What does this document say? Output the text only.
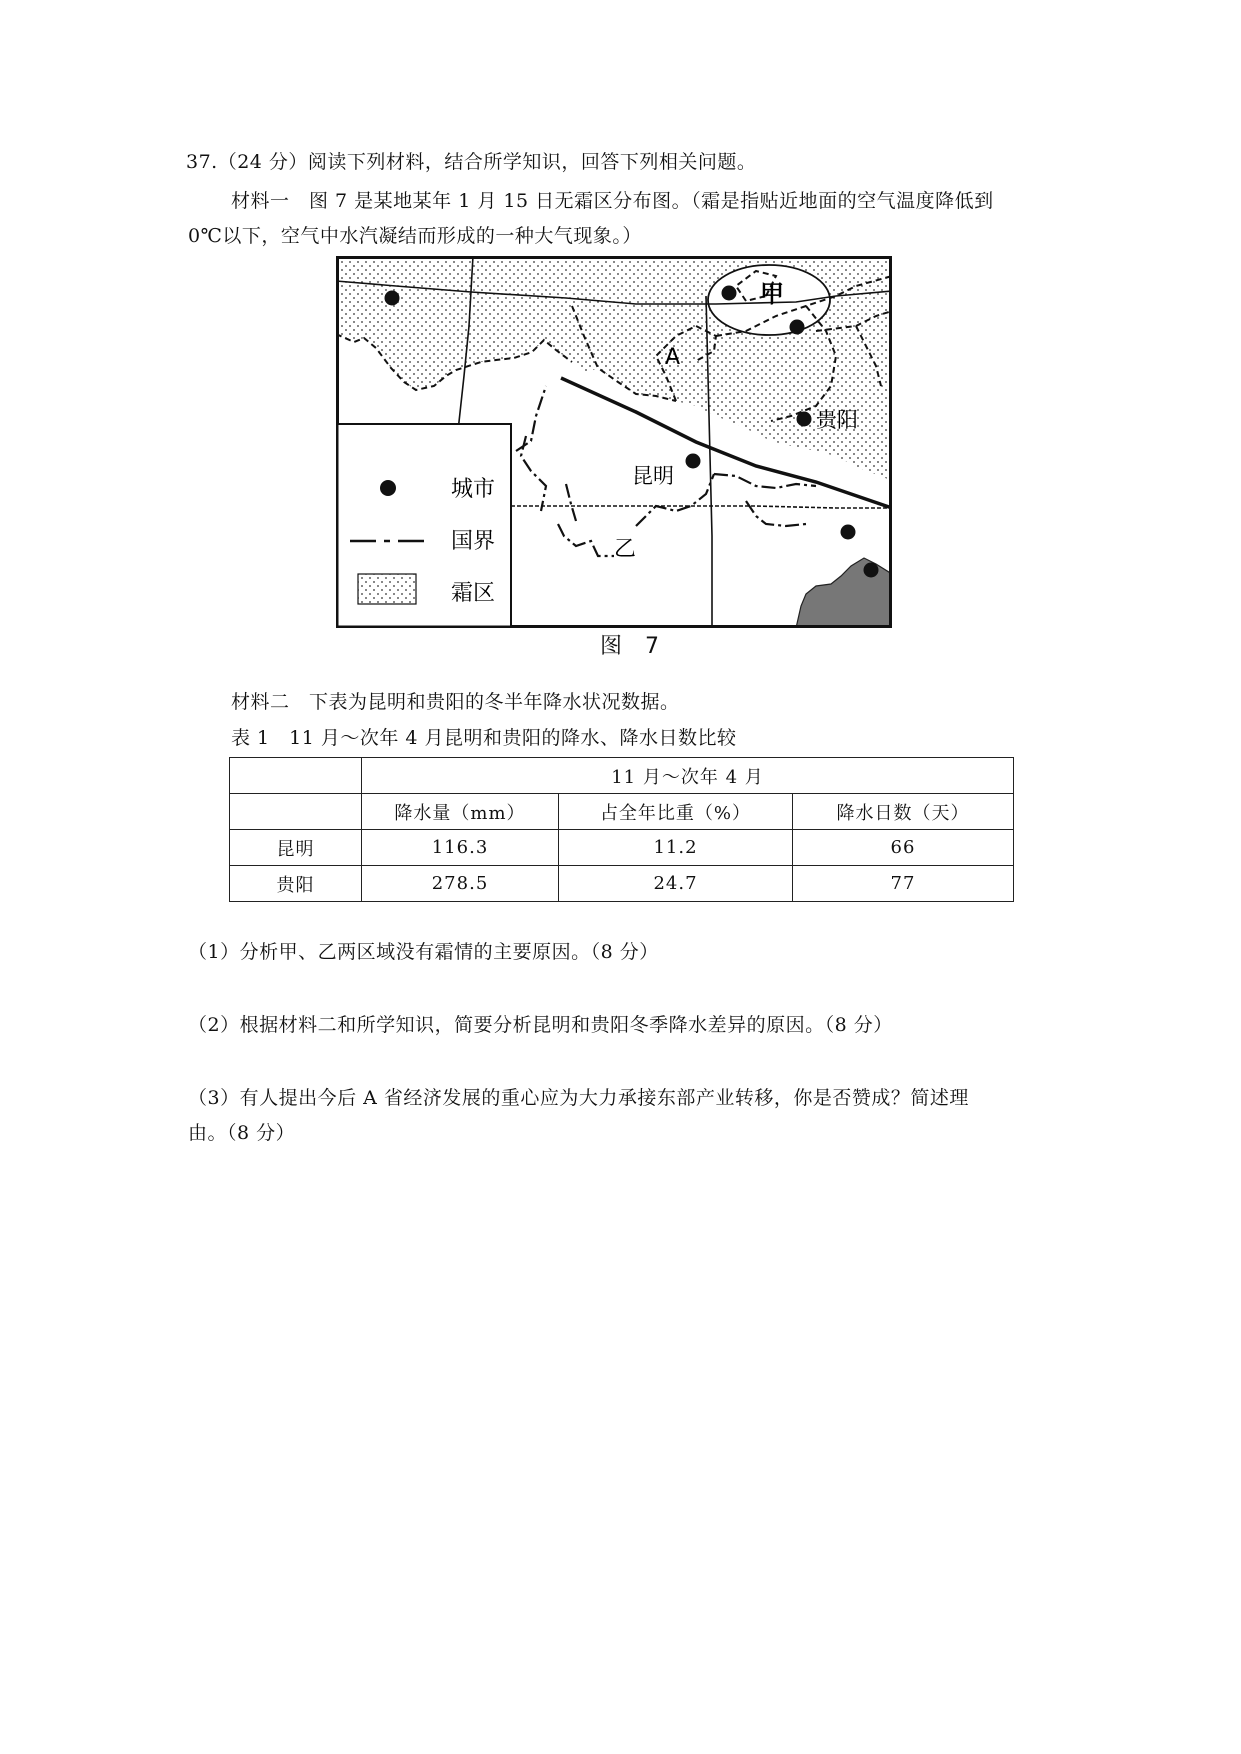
37.（24 分）阅读下列材料，结合所学知识，回答下列相关问题。
材料一　图 7 是某地某年 1 月 15 日无霜区分布图。（霜是指贴近地面的空气温度降低到
0℃以下，空气中水汽凝结而形成的一种大气现象。）
城市
国界
霜区
甲
A
贵阳
昆明
乙
图 7
材料二　下表为昆明和贵阳的冬半年降水状况数据。
表 1　11 月～次年 4 月昆明和贵阳的降水、降水日数比较
	11 月～次年 4 月		
	降水量（mm）	占全年比重（%）	降水日数（天）
昆明	116.3	11.2	66
贵阳	278.5	24.7	77
（1）分析甲、乙两区域没有霜情的主要原因。（8 分）
（2）根据材料二和所学知识，简要分析昆明和贵阳冬季降水差异的原因。（8 分）
（3）有人提出今后 A 省经济发展的重心应为大力承接东部产业转移，你是否赞成？简述理
由。（8 分）
